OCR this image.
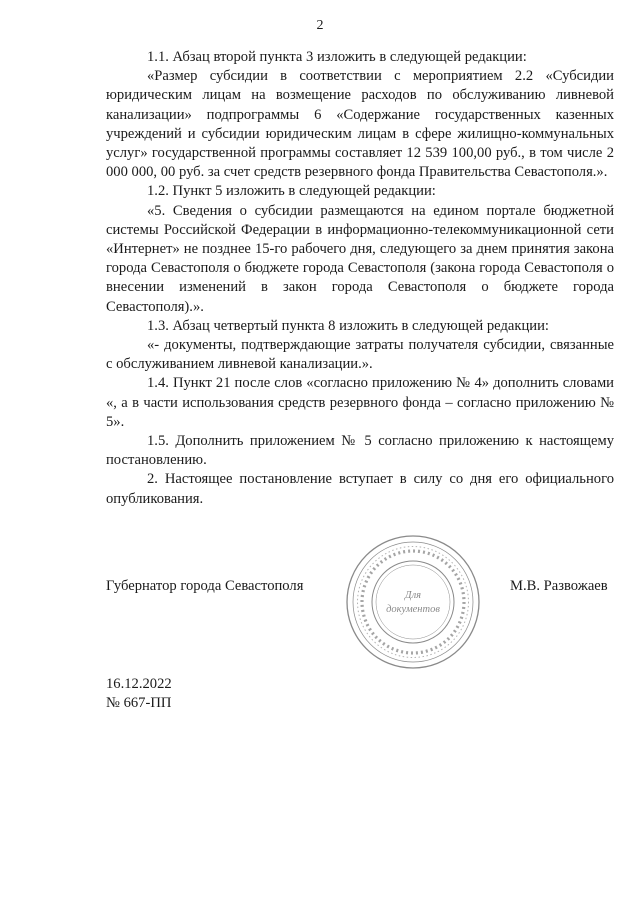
2

1.1. Абзац второй пункта 3 изложить в следующей редакции:

«Размер субсидии в соответствии с мероприятием 2.2 «Субсидии юридическим лицам на возмещение расходов по обслуживанию ливневой канализации» подпрограммы 6 «Содержание государственных казенных учреждений и субсидии юридическим лицам в сфере жилищно-коммунальных услуг» государственной программы составляет 12 539 100,00 руб., в том числе 2 000 000, 00 руб. за счет средств резервного фонда Правительства Севастополя.».

1.2. Пункт 5 изложить в следующей редакции:

«5. Сведения о субсидии размещаются на едином портале бюджетной системы Российской Федерации в информационно-телекоммуникационной сети «Интернет» не позднее 15-го рабочего дня, следующего за днем принятия закона города Севастополя о бюджете города Севастополя (закона города Севастополя о внесении изменений в закон города Севастополя о бюджете города Севастополя).».

1.3. Абзац четвертый пункта 8 изложить в следующей редакции:

«- документы, подтверждающие затраты получателя субсидии, связанные с обслуживанием ливневой канализации.».

1.4. Пункт 21 после слов «согласно приложению № 4» дополнить словами «, а в части использования средств резервного фонда – согласно приложению № 5».

1.5. Дополнить приложением № 5 согласно приложению к настоящему постановлению.

2. Настоящее постановление вступает в силу со дня его официального опубликования.

Для
документов
Губернатор города Севастополя	М.В. Развожаев
16.12.2022
№ 667-ПП
